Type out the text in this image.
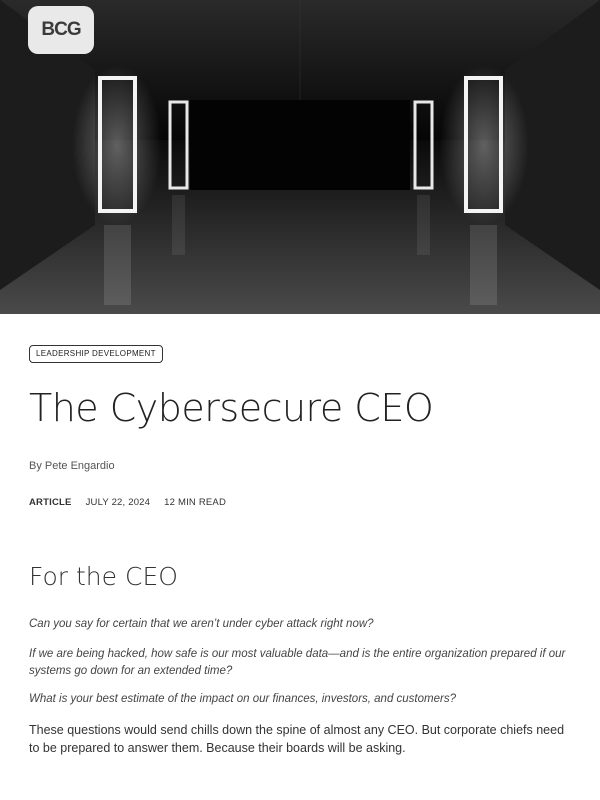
BCG
LEADERSHIP DEVELOPMENT
The Cybersecure CEO
By Pete Engardio
ARTICLE JULY 22, 2024 12 MIN READ
For the CEO

Can you say for certain that we aren’t under cyber attack right now?

If we are being hacked, how safe is our most valuable data—and is the entire organization prepared if our systems go down for an extended time?

What is your best estimate of the impact on our finances, investors, and customers?

These questions would send chills down the spine of almost any CEO. But corporate chiefs need to be prepared to answer them. Because their boards will be asking.
